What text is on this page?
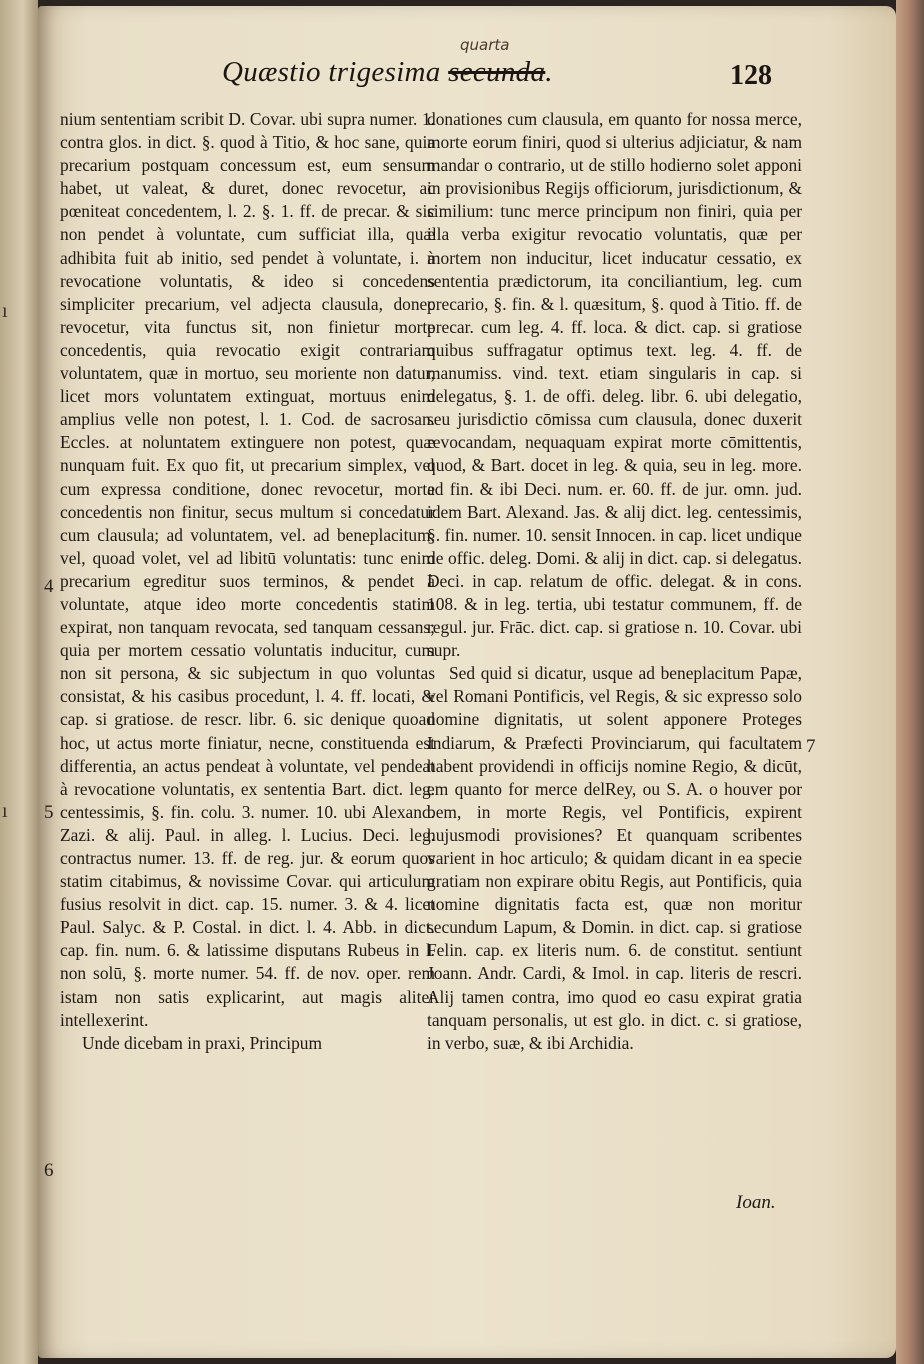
ı
ı
Quæstio trigesima secunda.
quarta
128

nium sententiam scribit D. Covar. ubi supra numer. 1. contra glos. in dict. §. quod à Titio, & hoc sane, quia precarium postquam concessum est, eum sensum habet, ut valeat, & duret, donec revocetur, ac pœniteat concedentem, l. 2. §. 1. ff. de precar. & sic non pendet à voluntate, cum sufficiat illa, quæ adhibita fuit ab initio, sed pendet à voluntate, i. à revocatione voluntatis, & ideo si concedens simpliciter precarium, vel adjecta clausula, donec revocetur, vita functus sit, non finietur morte concedentis, quia revocatio exigit contrariam voluntatem, quæ in mortuo, seu moriente non datur, licet mors voluntatem extinguat, mortuus enim amplius velle non potest, l. 1. Cod. de sacrosan. Eccles. at noluntatem extinguere non potest, quæ nunquam fuit. Ex quo fit, ut precarium simplex, vel cum expressa conditione, donec revocetur, morte concedentis non finitur, secus multum si concedatur cum clausula; ad voluntatem, vel. ad beneplacitum, vel, quoad volet, vel ad libitū voluntatis: tunc enim precarium egreditur suos terminos, & pendet à voluntate, atque ideo morte concedentis statim expirat, non tanquam revocata, sed tanquam cessans; quia per mortem cessatio voluntatis inducitur, cum non sit persona, & sic subjectum in quo voluntas consistat, & his casibus procedunt, l. 4. ff. locati, & cap. si gratiose. de rescr. libr. 6. sic denique quoad hoc, ut actus morte finiatur, necne, constituenda est differentia, an actus pendeat à voluntate, vel pendeat à revocatione voluntatis, ex sententia Bart. dict. leg. centessimis, §. fin. colu. 3. numer. 10. ubi Alexand. Zazi. & alij. Paul. in alleg. l. Lucius. Deci. leg. contractus numer. 13. ff. de reg. jur. & eorum quos statim citabimus, & novissime Covar. qui articulum fusius resolvit in dict. cap. 15. numer. 3. & 4. licet Paul. Salyc. & P. Costal. in dict. l. 4. Abb. in dict. cap. fin. num. 6. & latissime disputans Rubeus in l. non solū, §. morte numer. 54. ff. de nov. oper. rem istam non satis explicarint, aut magis aliter intellexerint.

Unde dicebam in praxi, Principum

donationes cum clausula, em quanto for nossa merce, morte eorum finiri, quod si ulterius adjiciatur, & nam mandar o contrario, ut de stillo hodierno solet apponi in provisionibus Regijs officiorum, jurisdictionum, & similium: tunc merce principum non finiri, quia per illa verba exigitur revocatio voluntatis, quæ per mortem non inducitur, licet inducatur cessatio, ex sententia prædictorum, ita conciliantium, leg. cum precario, §. fin. & l. quæsitum, §. quod à Titio. ff. de precar. cum leg. 4. ff. loca. & dict. cap. si gratiose quibus suffragatur optimus text. leg. 4. ff. de manumiss. vind. text. etiam singularis in cap. si delegatus, §. 1. de offi. deleg. libr. 6. ubi delegatio, seu jurisdictio cōmissa cum clausula, donec duxerit revocandam, nequaquam expirat morte cōmittentis, quod, & Bart. docet in leg. & quia, seu in leg. more. ad fin. & ibi Deci. num. er. 60. ff. de jur. omn. jud. idem Bart. Alexand. Jas. & alij dict. leg. centessimis, §. fin. numer. 10. sensit Innocen. in cap. licet undique de offic. deleg. Domi. & alij in dict. cap. si delegatus. Deci. in cap. relatum de offic. delegat. & in cons. 108. & in leg. tertia, ubi testatur communem, ff. de regul. jur. Frāc. dict. cap. si gratiose n. 10. Covar. ubi supr.

Sed quid si dicatur, usque ad beneplacitum Papæ, vel Romani Pontificis, vel Regis, & sic expresso solo nomine dignitatis, ut solent apponere Proteges Indiarum, & Præfecti Provinciarum, qui facultatem habent providendi in officijs nomine Regio, & dicūt, em quanto for merce delRey, ou S. A. o houver por bem, in morte Regis, vel Pontificis, expirent hujusmodi provisiones? Et quanquam scribentes varient in hoc articulo; & quidam dicant in ea specie gratiam non expirare obitu Regis, aut Pontificis, quia nomine dignitatis facta est, quæ non moritur secundum Lapum, & Domin. in dict. cap. si gratiose Felin. cap. ex literis num. 6. de constitut. sentiunt Joann. Andr. Cardi, & Imol. in cap. literis de rescri. Alij tamen contra, imo quod eo casu expirat gratia tanquam personalis, ut est glo. in dict. c. si gratiose, in verbo, suæ, & ibi Archidia.

4
5
6
7
Ioan.
